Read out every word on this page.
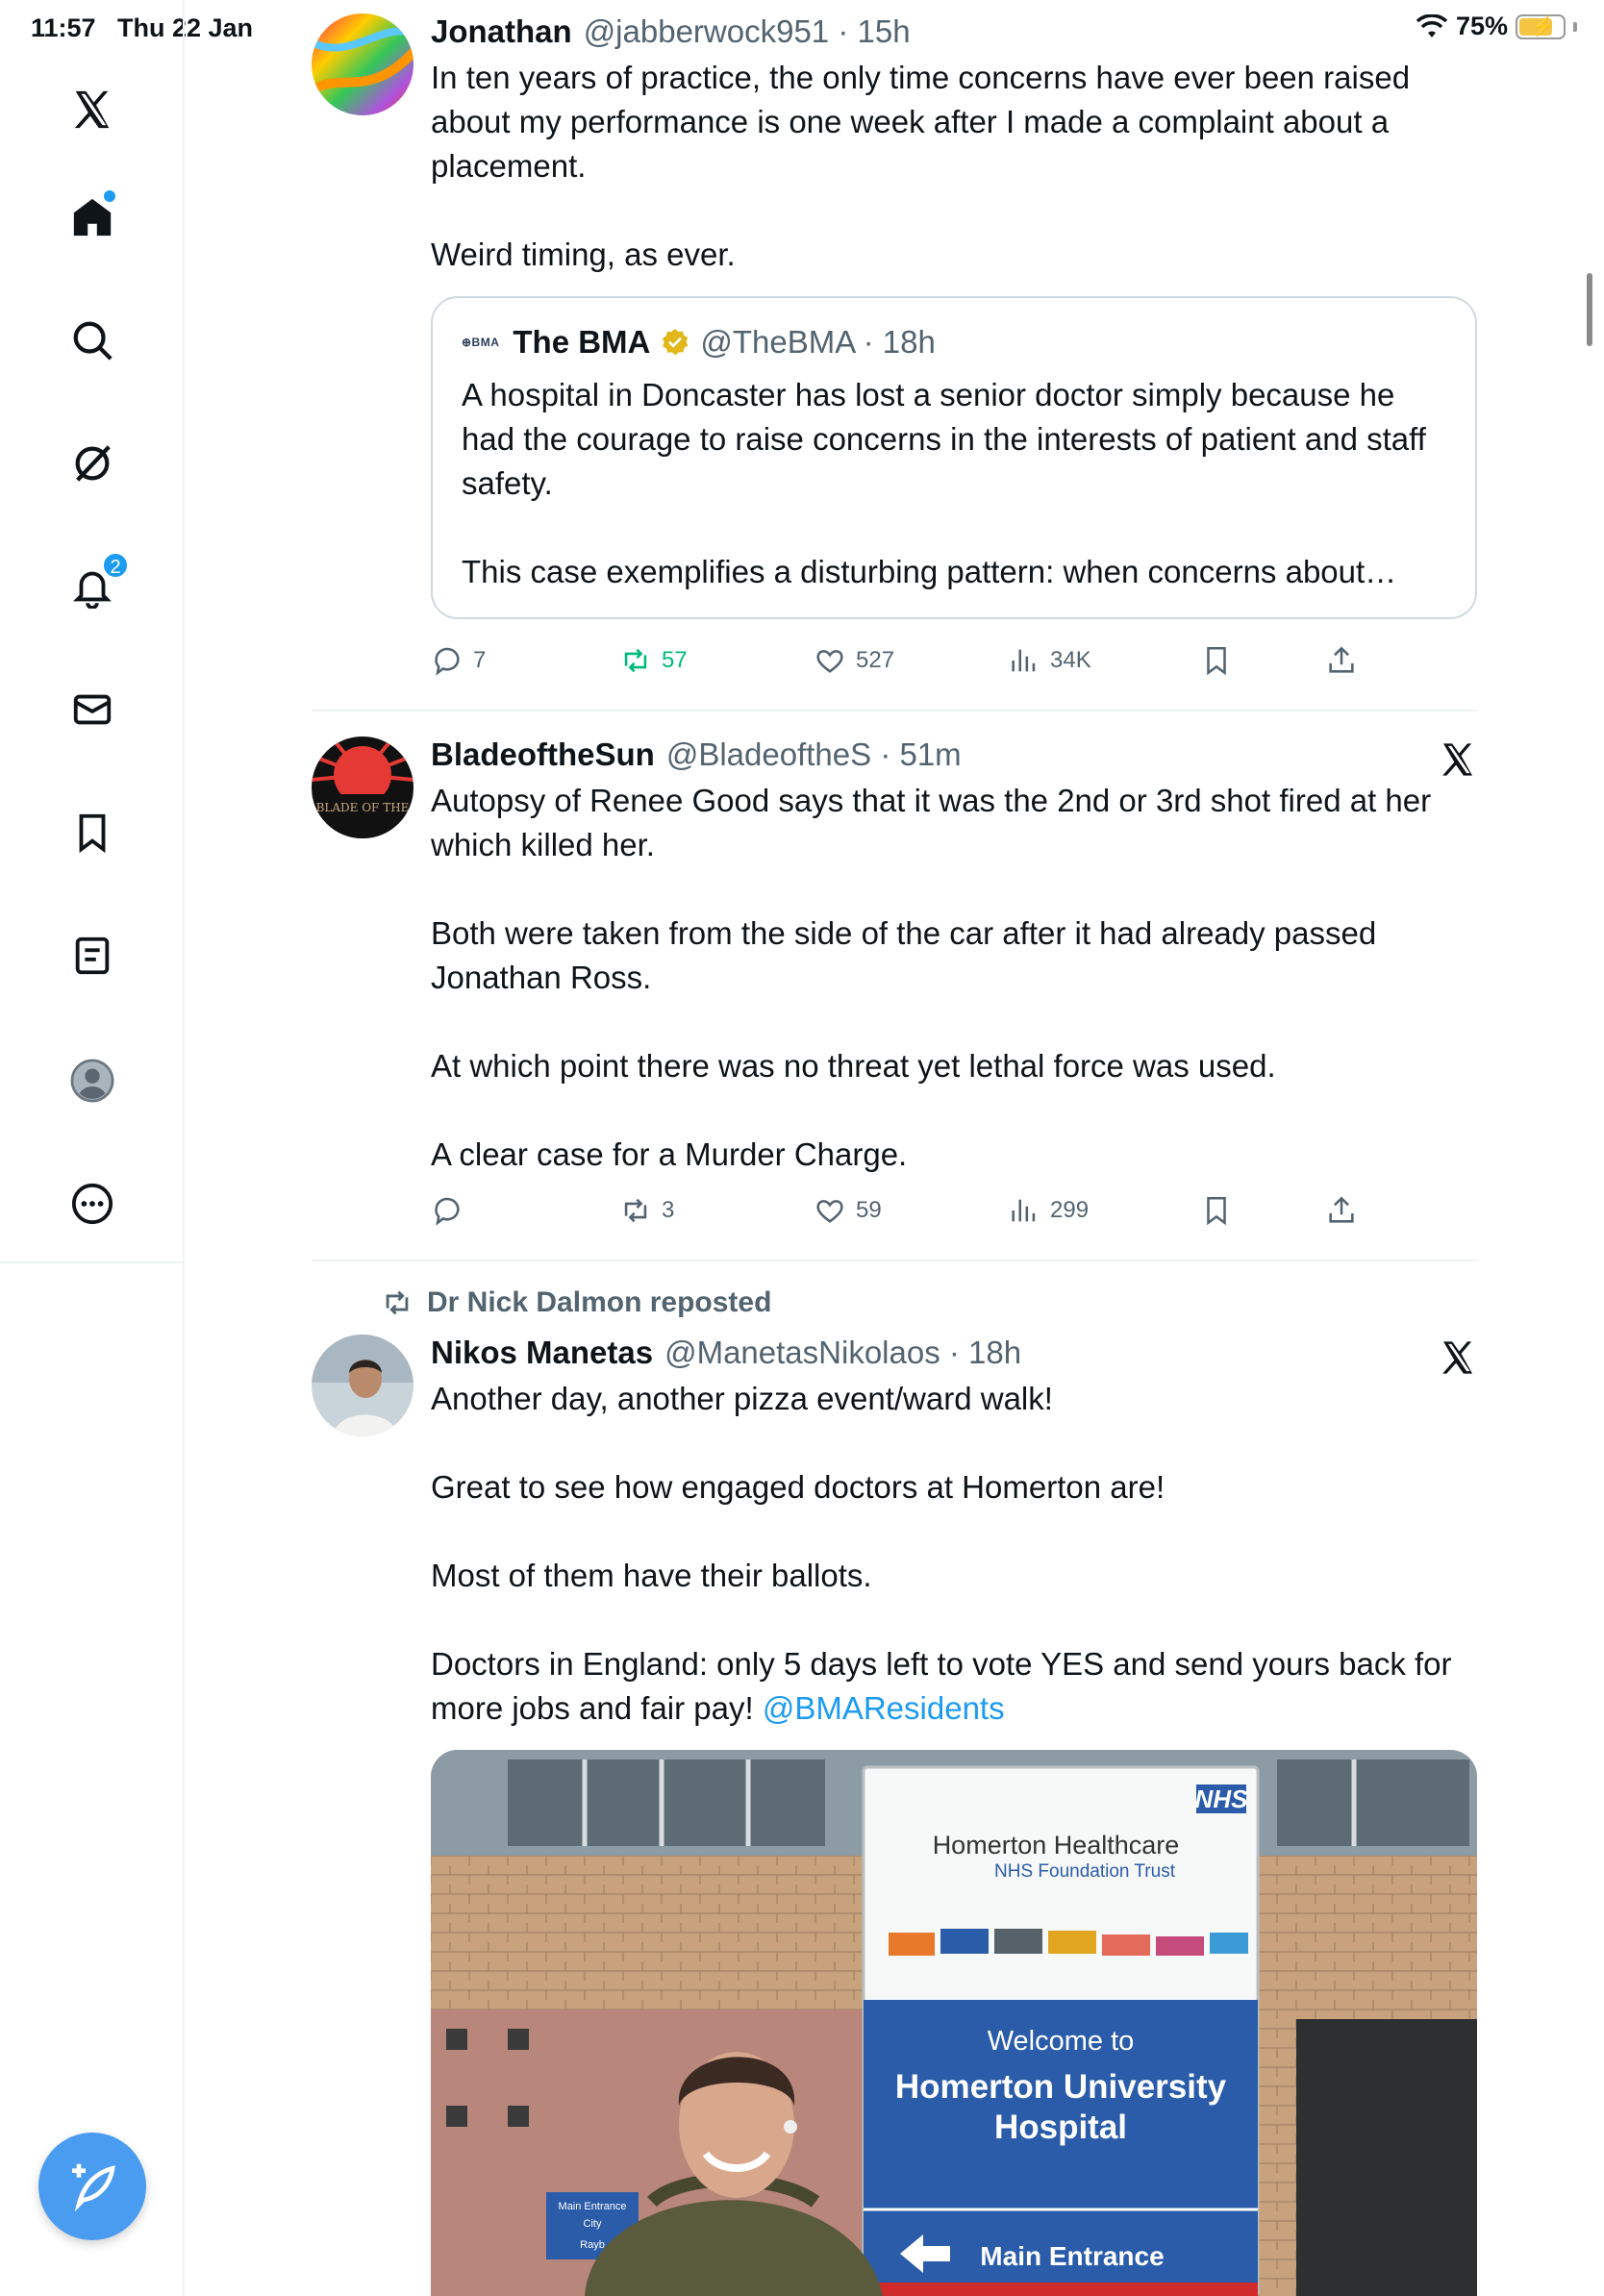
11:57 Thu 22 Jan	75% ⚡
2
Jonathan @jabberwock951 · 15h
In ten years of practice, the only time concerns have ever been raised about my performance is one week after I made a complaint about a placement.

Weird timing, as ever.
⊕BMA The BMA @TheBMA · 18h
A hospital in Doncaster has lost a senior doctor simply because he had the courage to raise concerns in the interests of patient and staff safety.

This case exemplifies a disturbing pattern: when concerns about…
7	57	527	34K
BLADE OF THE
BladeoftheSun @BladeoftheS · 51m
Autopsy of Renee Good says that it was the 2nd or 3rd shot fired at her which killed her.

Both were taken from the side of the car after it had already passed Jonathan Ross.

At which point there was no threat yet lethal force was used.

A clear case for a Murder Charge.
3	59	299
Dr Nick Dalmon reposted
Nikos Manetas @ManetasNikolaos · 18h
Another day, another pizza event/ward walk!

Great to see how engaged doctors at Homerton are!

Most of them have their ballots.

Doctors in England: only 5 days left to vote YES and send yours back for more jobs and fair pay! @BMAResidents
NHS
Homerton Healthcare
NHS Foundation Trust
Welcome to
Homerton University
Hospital
Main Entrance
Main Entrance
City
Rayb
